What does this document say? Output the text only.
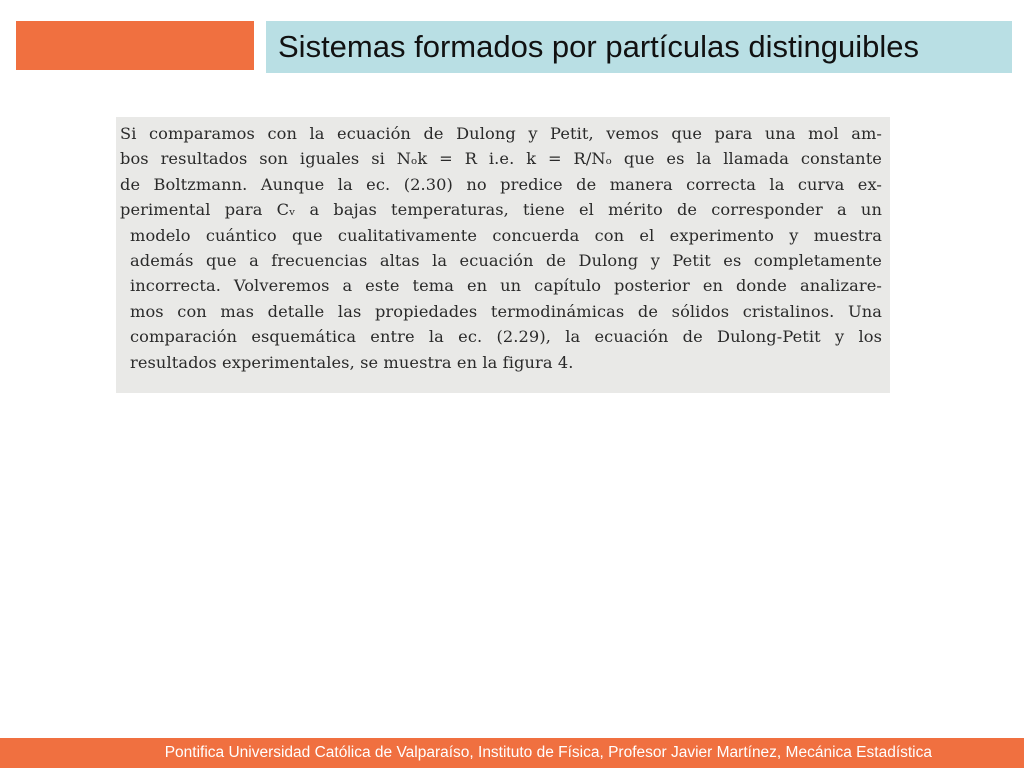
Sistemas formados por partículas distinguibles
Si comparamos con la ecuación de Dulong y Petit, vemos que para una mol am-
bos resultados son iguales si Nₒk = R i.e. k = R/Nₒ que es la llamada constante
de Boltzmann. Aunque la ec. (2.30) no predice de manera correcta la curva ex-
perimental para Cᵥ a bajas temperaturas, tiene el mérito de corresponder a un
modelo cuántico que cualitativamente concuerda con el experimento y muestra
además que a frecuencias altas la ecuación de Dulong y Petit es completamente
incorrecta. Volveremos a este tema en un capítulo posterior en donde analizare-
mos con mas detalle las propiedades termodinámicas de sólidos cristalinos. Una
comparación esquemática entre la ec. (2.29), la ecuación de Dulong-Petit y los
resultados experimentales, se muestra en la figura 4.
Pontifica Universidad Católica de Valparaíso, Instituto de Física, Profesor Javier Martínez, Mecánica Estadística
